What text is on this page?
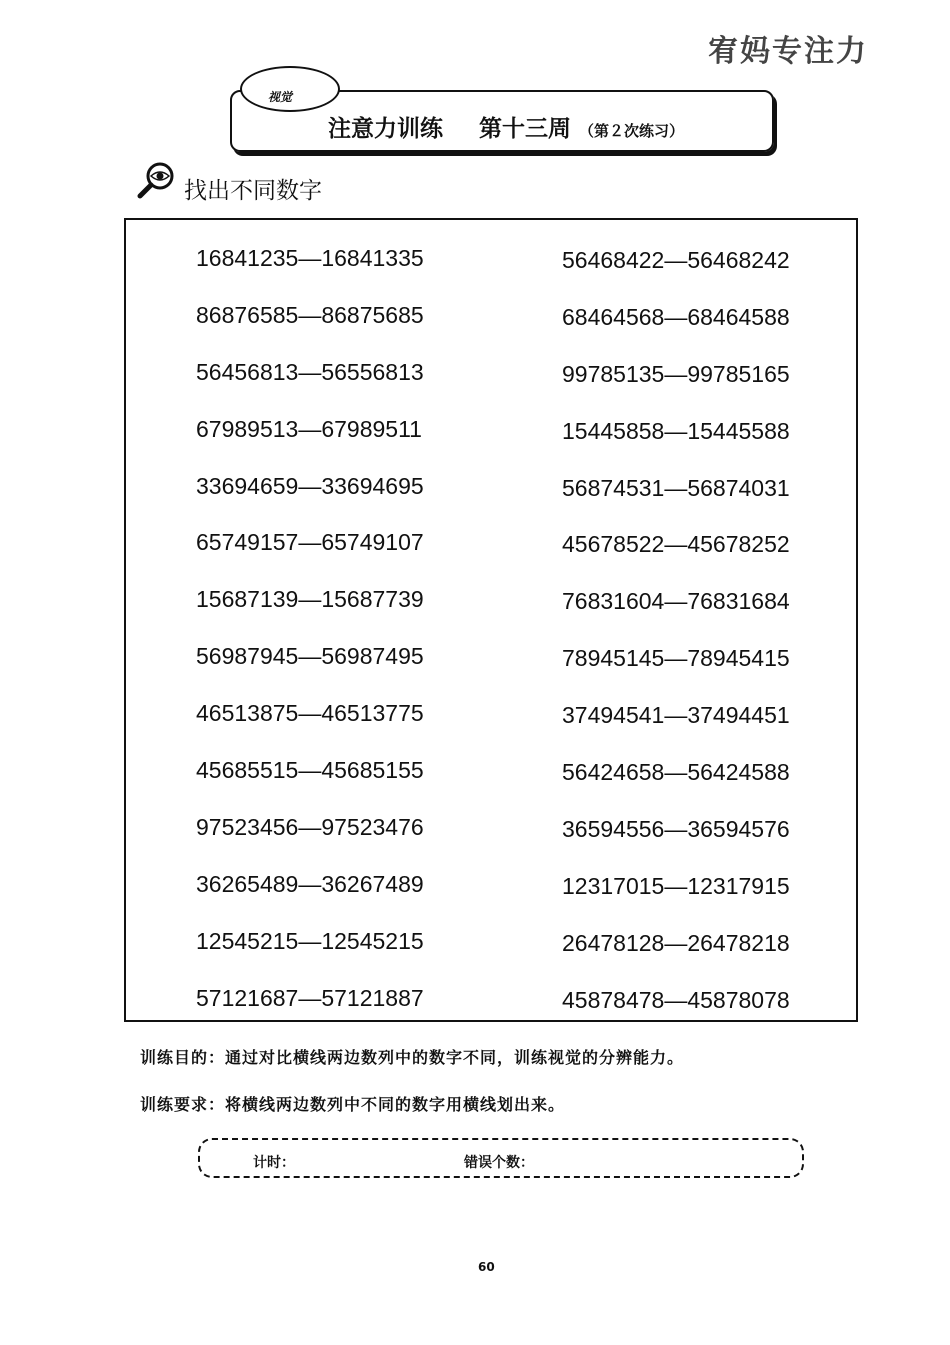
宥妈专注力
视觉
注意力训练 第十三周 （第２次练习）
找出不同数字
16841235—16841335
86876585—86875685
56456813—56556813
67989513—67989511
33694659—33694695
65749157—65749107
15687139—15687739
56987945—56987495
46513875—46513775
45685515—45685155
97523456—97523476
36265489—36267489
12545215—12545215
57121687—57121887
56468422—56468242
68464568—68464588
99785135—99785165
15445858—15445588
56874531—56874031
45678522—45678252
76831604—76831684
78945145—78945415
37494541—37494451
56424658—56424588
36594556—36594576
12317015—12317915
26478128—26478218
45878478—45878078
训练目的：通过对比横线两边数列中的数字不同，训练视觉的分辨能力。
训练要求：将横线两边数列中不同的数字用横线划出来。
计时：	错误个数：
60
